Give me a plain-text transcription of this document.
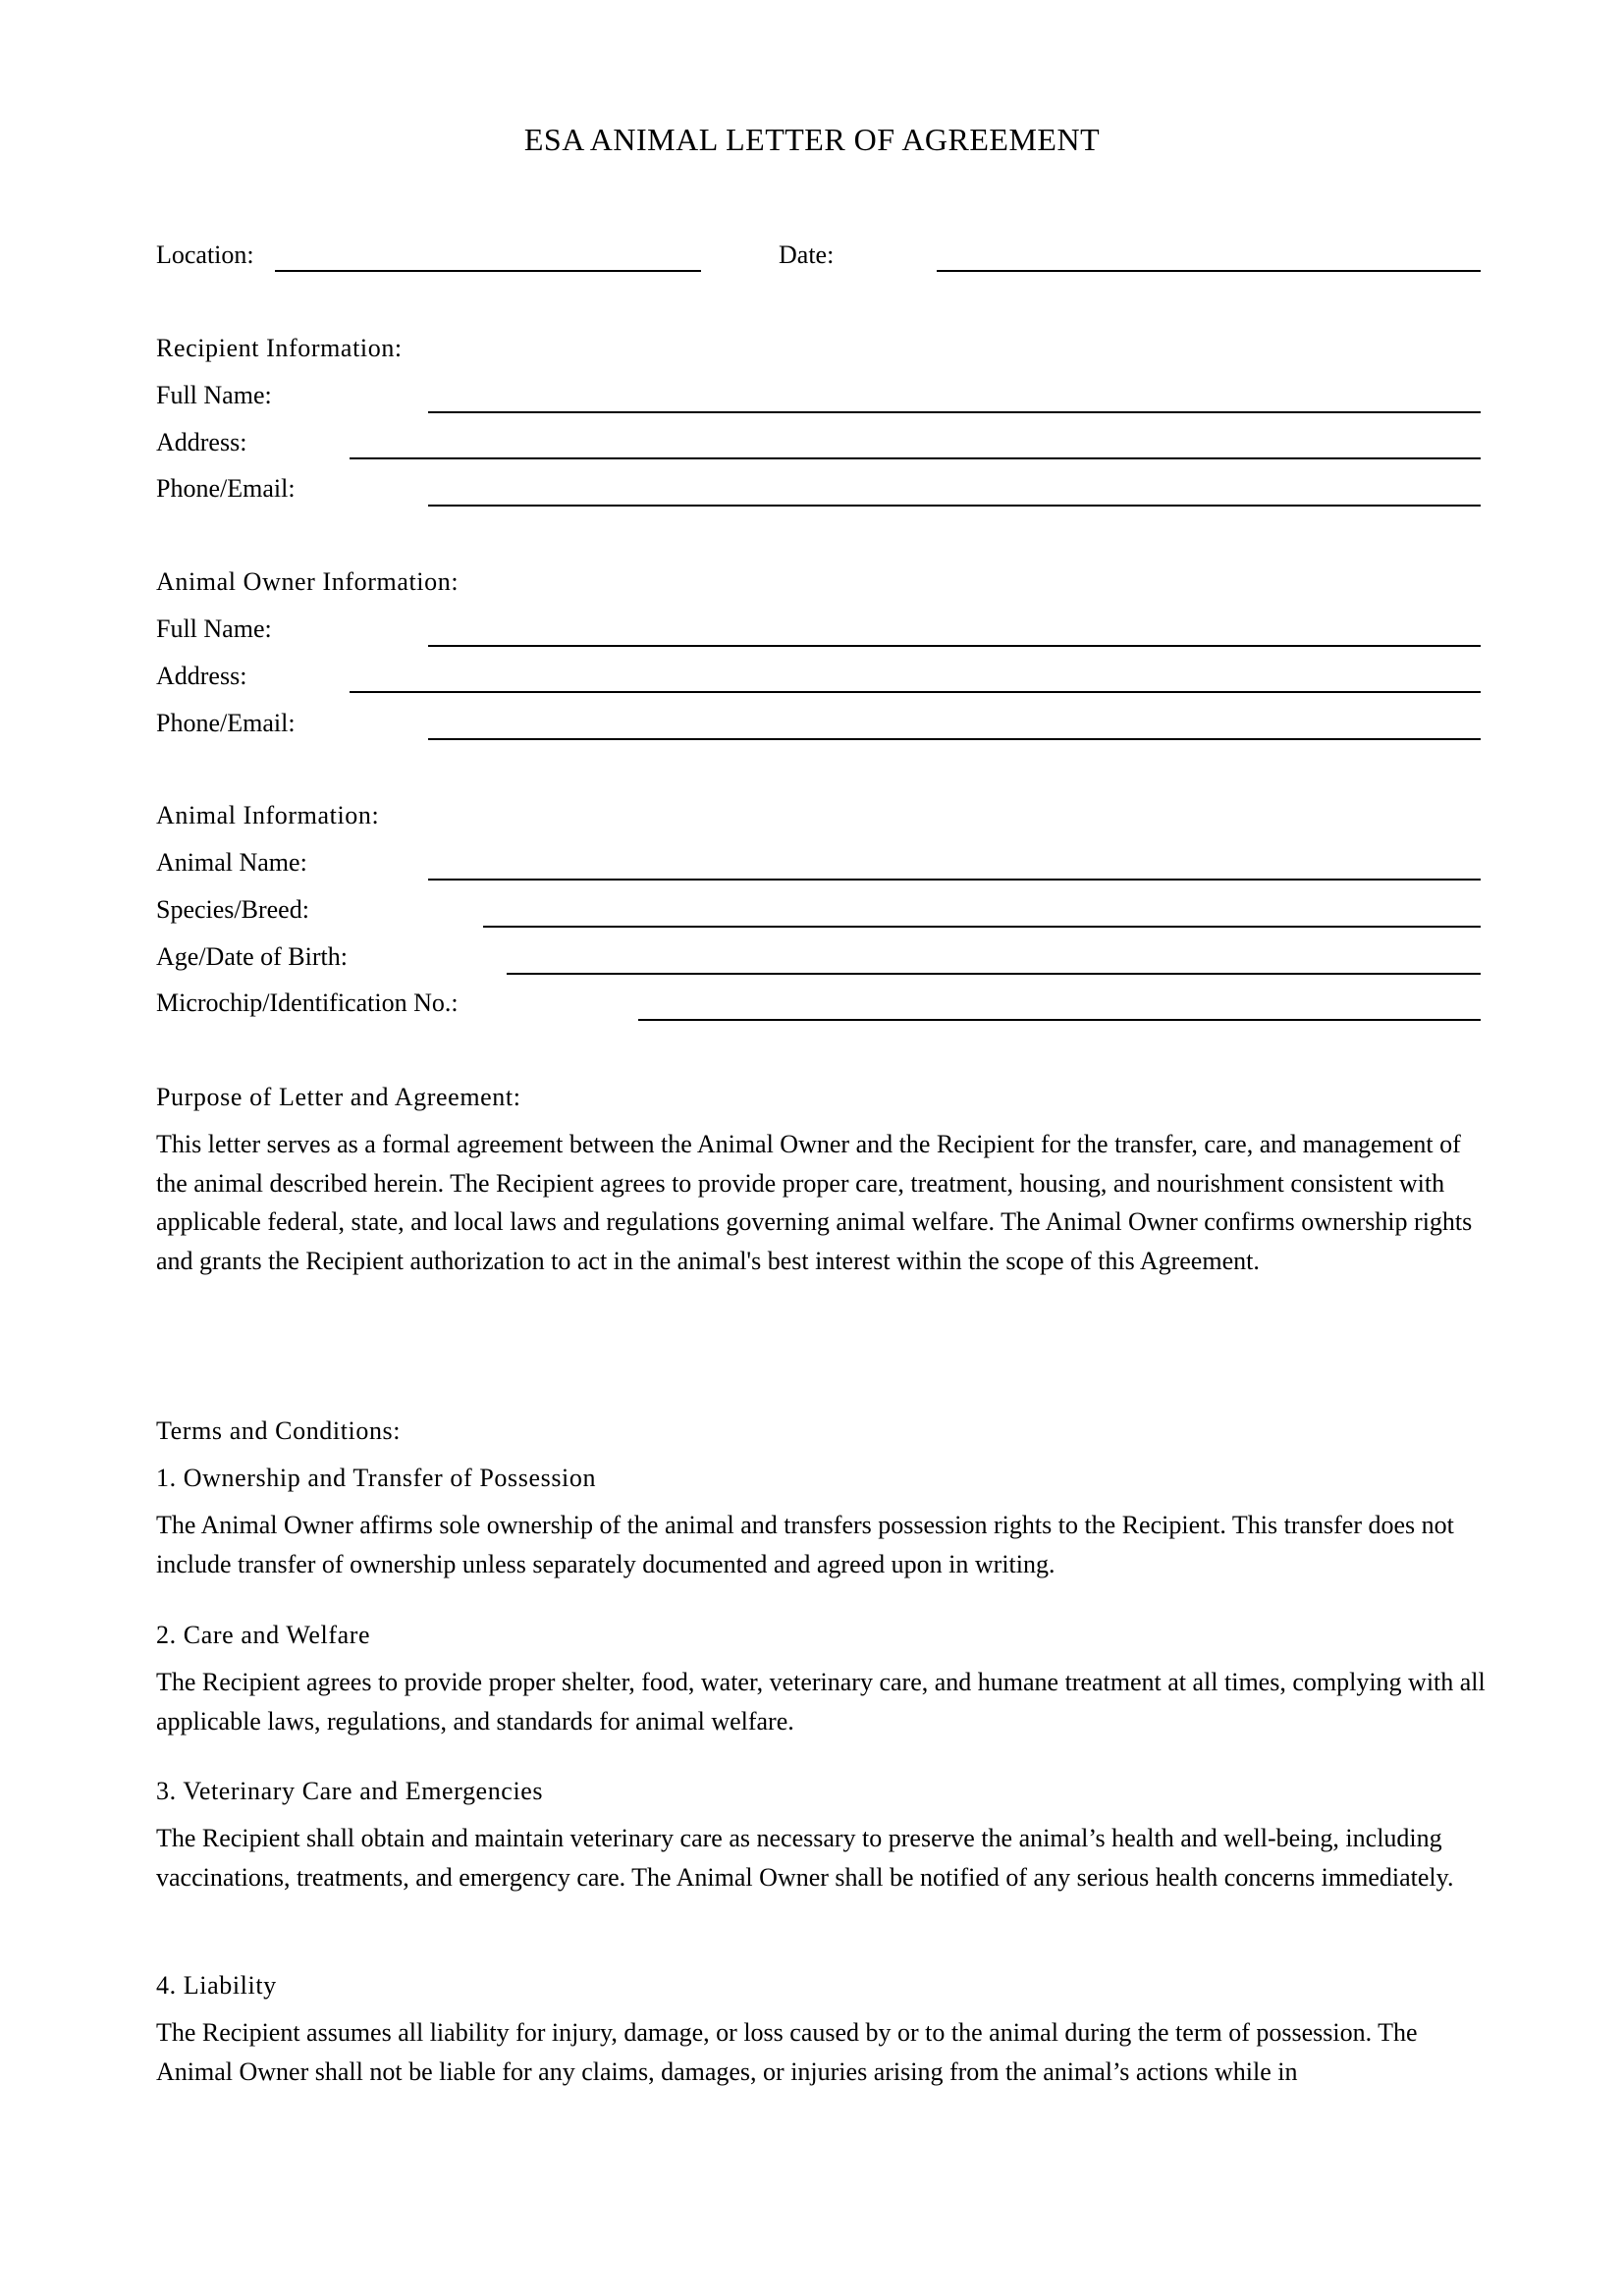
ESA ANIMAL LETTER OF AGREEMENT
Location:	Date:
Recipient Information:
Full Name:
Address:
Phone/Email:
Animal Owner Information:
Full Name:
Address:
Phone/Email:
Animal Information:
Animal Name:
Species/Breed:
Age/Date of Birth:
Microchip/Identification No.:
Purpose of Letter and Agreement:
This letter serves as a formal agreement between the Animal Owner and the Recipient for the transfer, care, and management of the animal described herein. The Recipient agrees to provide proper care, treatment, housing, and nourishment consistent with applicable federal, state, and local laws and regulations governing animal welfare. The Animal Owner confirms ownership rights and grants the Recipient authorization to act in the animal's best interest within the scope of this Agreement.
Terms and Conditions:
1. Ownership and Transfer of Possession
The Animal Owner affirms sole ownership of the animal and transfers possession rights to the Recipient. This transfer does not include transfer of ownership unless separately documented and agreed upon in writing.
2. Care and Welfare
The Recipient agrees to provide proper shelter, food, water, veterinary care, and humane treatment at all times, complying with all applicable laws, regulations, and standards for animal welfare.
3. Veterinary Care and Emergencies
The Recipient shall obtain and maintain veterinary care as necessary to preserve the animal’s health and well-being, including vaccinations, treatments, and emergency care. The Animal Owner shall be notified of any serious health concerns immediately.
4. Liability
The Recipient assumes all liability for injury, damage, or loss caused by or to the animal during the term of possession. The Animal Owner shall not be liable for any claims, damages, or injuries arising from the animal’s actions while in
